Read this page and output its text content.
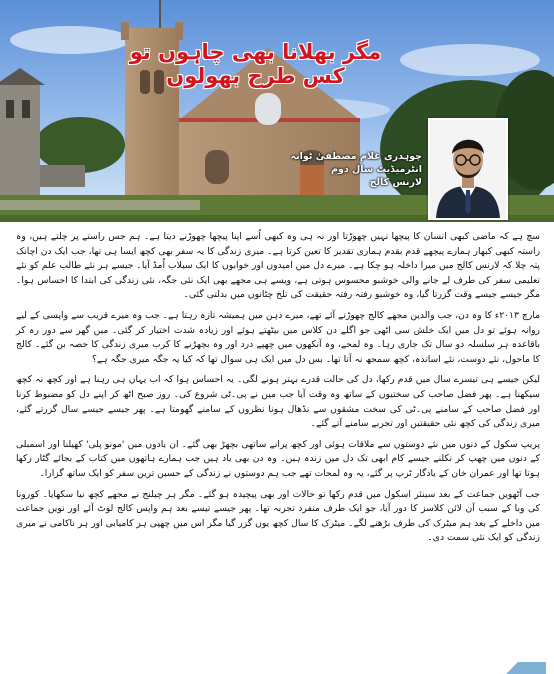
مگر بھلانا بھی چاہوں تو کس طرح بھولوں
چوہدری غلام مصطفیٰ ٹوانہ
انٹرمیڈیٹ سال دوم
لارنس کالج

سچ ہے کہ ماضی کبھی انسان کا پیچھا نہیں چھوڑتا اور نہ ہی وہ کبھی اُسے اپنا پیچھا چھوڑنے دیتا ہے۔ ہم جس راستے پر چلتے ہیں، وہ راستہ کبھی کبھار ہمارے پیچھے قدم بقدم ہماری تقدیر کا تعین کرتا ہے۔ میری زندگی کا یہ سفر بھی کچھ ایسا ہی تھا، جب ایک دن اچانک پتہ چلا کہ لارنس کالج میں میرا داخلہ ہو چکا ہے۔ میرے دل میں امیدوں اور خوابوں کا ایک سیلاب اُمڈ آیا۔ جیسے ہر نئے طالب علم کو نئے تعلیمی سفر کی طرف لے جانے والی خوشبو محسوس ہوتی ہے، ویسے ہی مجھے بھی ایک نئی جگہ، نئی زندگی کی ابتدا کا احساس ہوا۔ مگر جیسے جیسے وقت گزرتا گیا، وہ خوشبو رفتہ رفتہ حقیقت کی تلخ چٹانوں میں بدلتی گئی۔

مارچ ۲۰۱۳ء کا وہ دن، جب والدین مجھے کالج چھوڑنے آئے تھے، میرے ذہن میں ہمیشہ تازہ رہتا ہے۔ جب وہ میرے قریب سے واپسی کے لیے روانہ ہوئے تو دل میں ایک خلش سی اٹھی جو اگلے دن کلاس میں بیٹھتے ہوئے اور زیادہ شدت اختیار کر گئی۔ میں گھر سے دور رہ کر باقاعدہ ہر سلسلہ دو سال تک جاری رہا۔ وہ لمحے، وہ آنکھوں میں چھپے درد اور وہ بچھڑنے کا کرب میری زندگی کا حصہ بن گئے۔ کالج کا ماحول، نئے دوست، نئے اساتذہ، کچھ سمجھ نہ آتا تھا۔ بس دل میں ایک ہی سوال تھا کہ کیا یہ جگہ میری جگہ ہے؟

لیکن جیسے ہی تیسرے سال میں قدم رکھا، دل کی حالت قدرے بہتر ہونے لگی۔ یہ احساس ہوا کہ اب یہاں ہی رہنا ہے اور کچھ نہ کچھ سیکھنا ہے۔ پھر فضل صاحب کی سختیوں کے ساتھ وہ وقت آیا جب میں نے پی۔ٹی شروع کی۔ روز صبح اٹھ کر اپنے دل کو مضبوط کرنا اور فضل صاحب کے سامنے پی۔ٹی کی سخت مشقوں سے نڈھال ہونا نظروں کے سامنے گھومتا ہے۔ پھر جیسے جیسے سال گزرتے گئے، میری زندگی کی کچھ نئی حقیقتیں اور تجربے سامنے آتے گئے۔

پریپ سکول کے دنوں میں نئے دوستوں سے ملاقات ہوئی اور کچھ پرانے ساتھی بچھڑ بھی گئے۔ ان یادوں میں 'مونو پلی' کھیلنا اور اسمبلی کے دنوں میں چھپ کر نکلنے جیسے کام ابھی تک دل میں زندہ ہیں۔ وہ دن بھی یاد ہیں جب ہمارے ہاتھوں میں کتاب کے بجائے گٹار رکھا ہوتا تھا اور عمران خان کے یادگار ٹرپ پر گئے، یہ وہ لمحات تھے جب ہم دوستوں نے زندگی کے حسین ترین سفر کو ایک ساتھ گزارا۔

جب آٹھویں جماعت کے بعد سینئر اسکول میں قدم رکھا تو حالات اور بھی پیچیدہ ہو گئے۔ مگر ہر چیلنج نے مجھے کچھ نیا سکھایا۔ کورونا کی وبا کے سبب آن لائن کلاسز کا دور آیا، جو ایک طرف منفرد تجربہ تھا۔ پھر جیسے تیسے بعد ہم واپس کالج لوٹ آئے اور نویں جماعت میں داخلے کے بعد ہم میٹرک کی طرف بڑھنے لگے۔ میٹرک کا سال کچھ یوں گزر گیا مگر اس میں چھپی ہر کامیابی اور ہر ناکامی نے میری زندگی کو ایک نئی سمت دی۔
